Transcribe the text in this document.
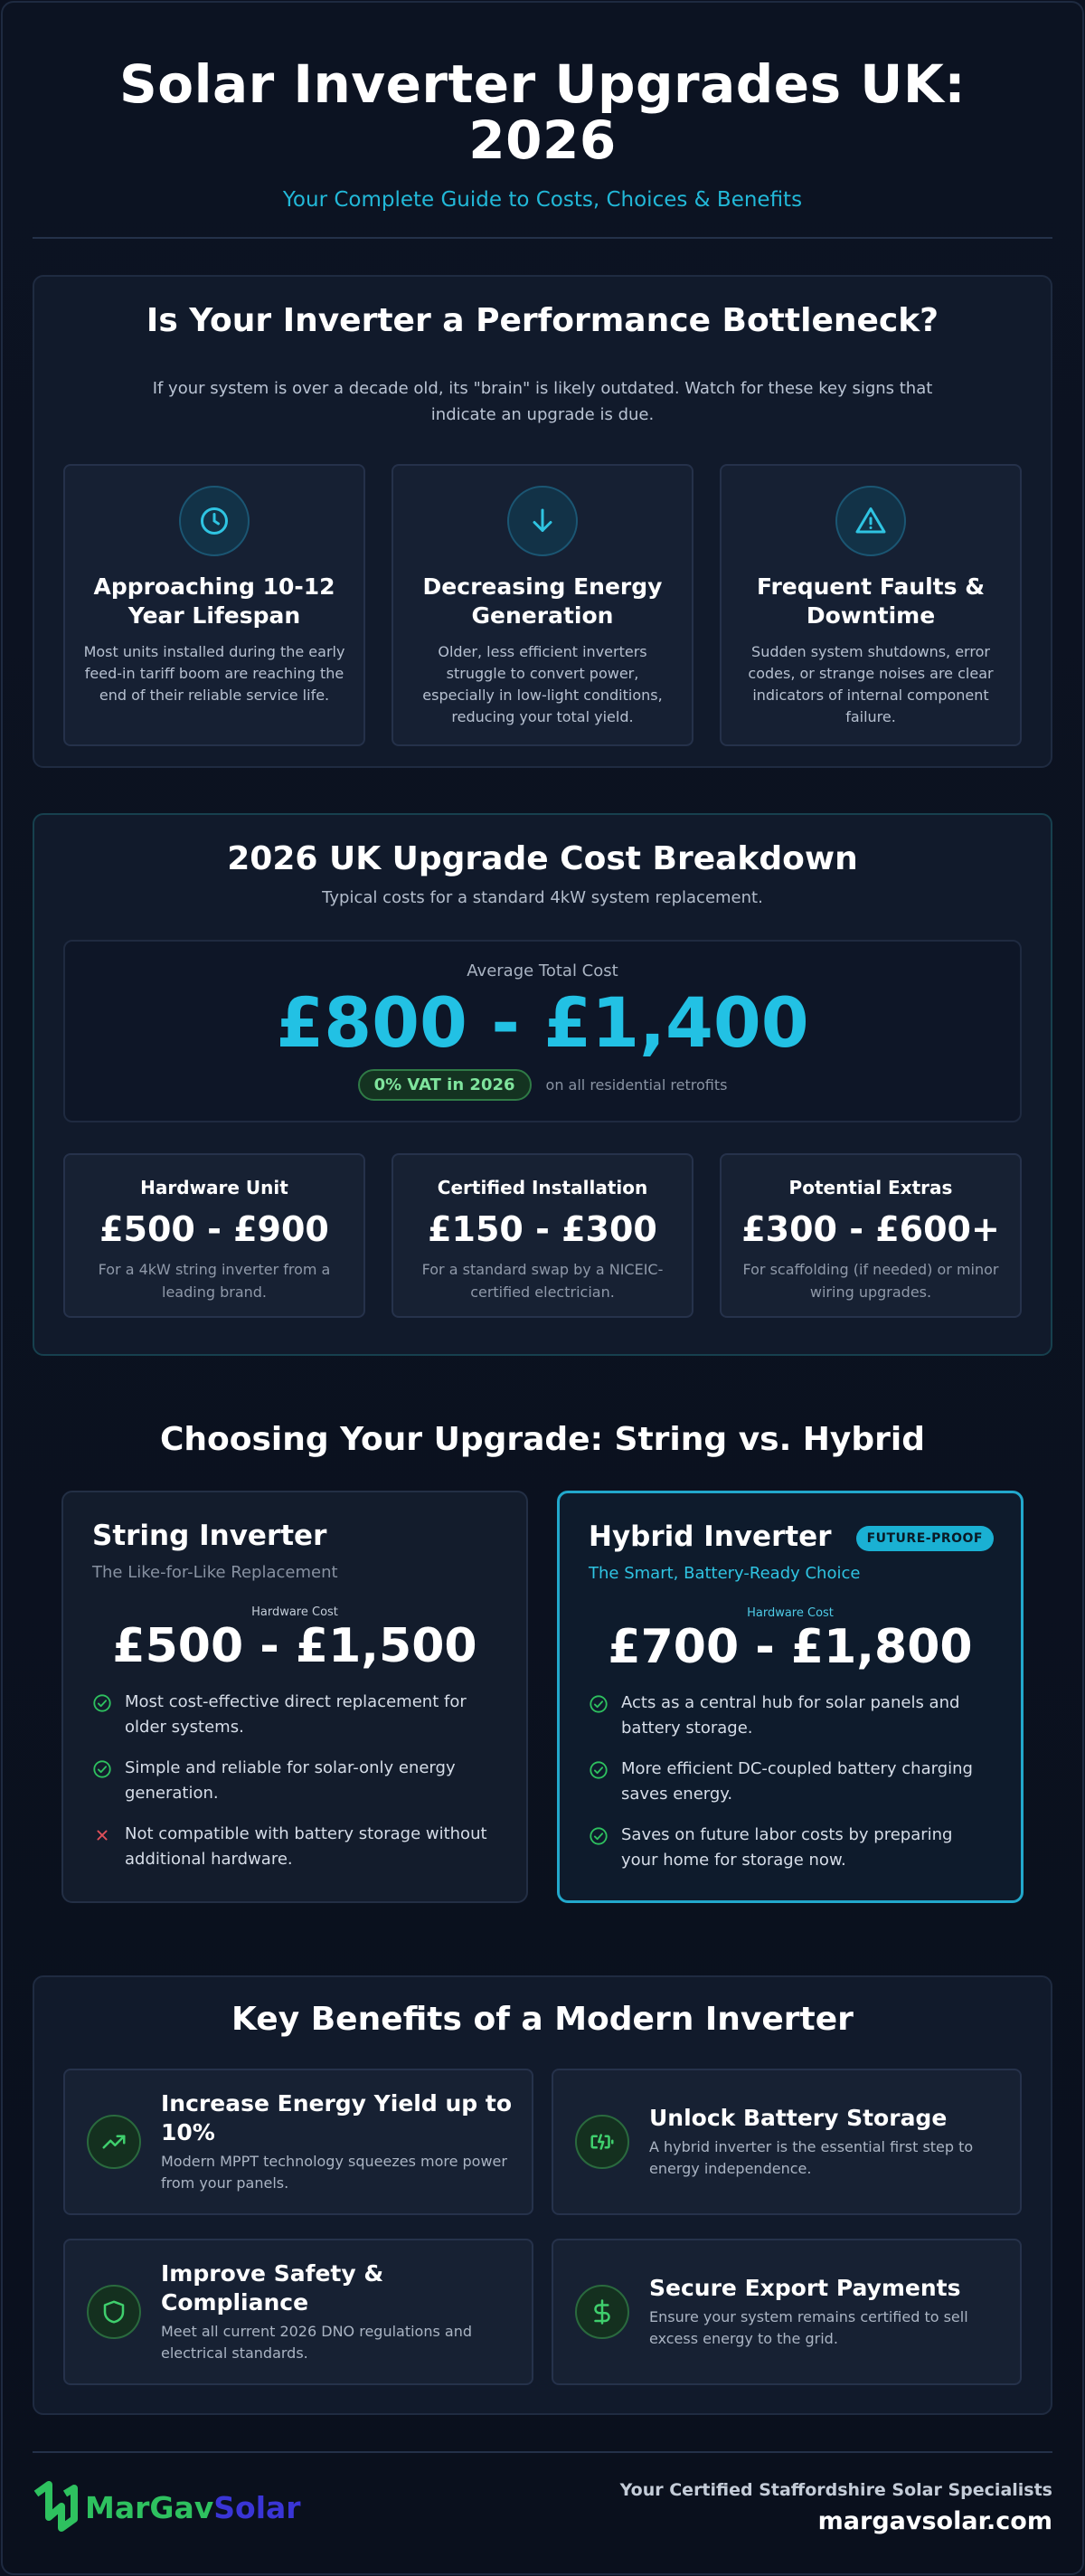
Solar Inverter Upgrades UK: 2026
Your Complete Guide to Costs, Choices & Benefits
Is Your Inverter a Performance Bottleneck?

If your system is over a decade old, its "brain" is likely outdated. Watch for these key signs that indicate an upgrade is due.

Approaching 10-12 Year Lifespan

Most units installed during the early feed-in tariff boom are reaching the end of their reliable service life.

Decreasing Energy Generation

Older, less efficient inverters struggle to convert power, especially in low-light conditions, reducing your total yield.

Frequent Faults & Downtime

Sudden system shutdowns, error codes, or strange noises are clear indicators of internal component failure.

2026 UK Upgrade Cost Breakdown
Typical costs for a standard 4kW system replacement.
Average Total Cost
£800 - £1,400
0% VAT in 2026	on all residential retrofits
Hardware Unit
£500 - £900
For a 4kW string inverter from a leading brand.
Certified Installation
£150 - £300
For a standard swap by a NICEIC-certified electrician.
Potential Extras
£300 - £600+
For scaffolding (if needed) or minor wiring upgrades.
Choosing Your Upgrade: String vs. Hybrid
String Inverter
The Like-for-Like Replacement
Hardware Cost
£500 - £1,500
Most cost-effective direct replacement for older systems.
Simple and reliable for solar-only energy generation.
Not compatible with battery storage without additional hardware.
Hybrid Inverter	FUTURE-PROOF
The Smart, Battery-Ready Choice
Hardware Cost
£700 - £1,800
Acts as a central hub for solar panels and battery storage.
More efficient DC-coupled battery charging saves energy.
Saves on future labor costs by preparing your home for storage now.
Key Benefits of a Modern Inverter
Increase Energy Yield up to 10%

Modern MPPT technology squeezes more power from your panels.

Unlock Battery Storage

A hybrid inverter is the essential first step to energy independence.

Improve Safety & Compliance

Meet all current 2026 DNO regulations and electrical standards.

Secure Export Payments

Ensure your system remains certified to sell excess energy to the grid.

MarGav Solar	Your Certified Staffordshire Solar Specialists
margavsolar.com
